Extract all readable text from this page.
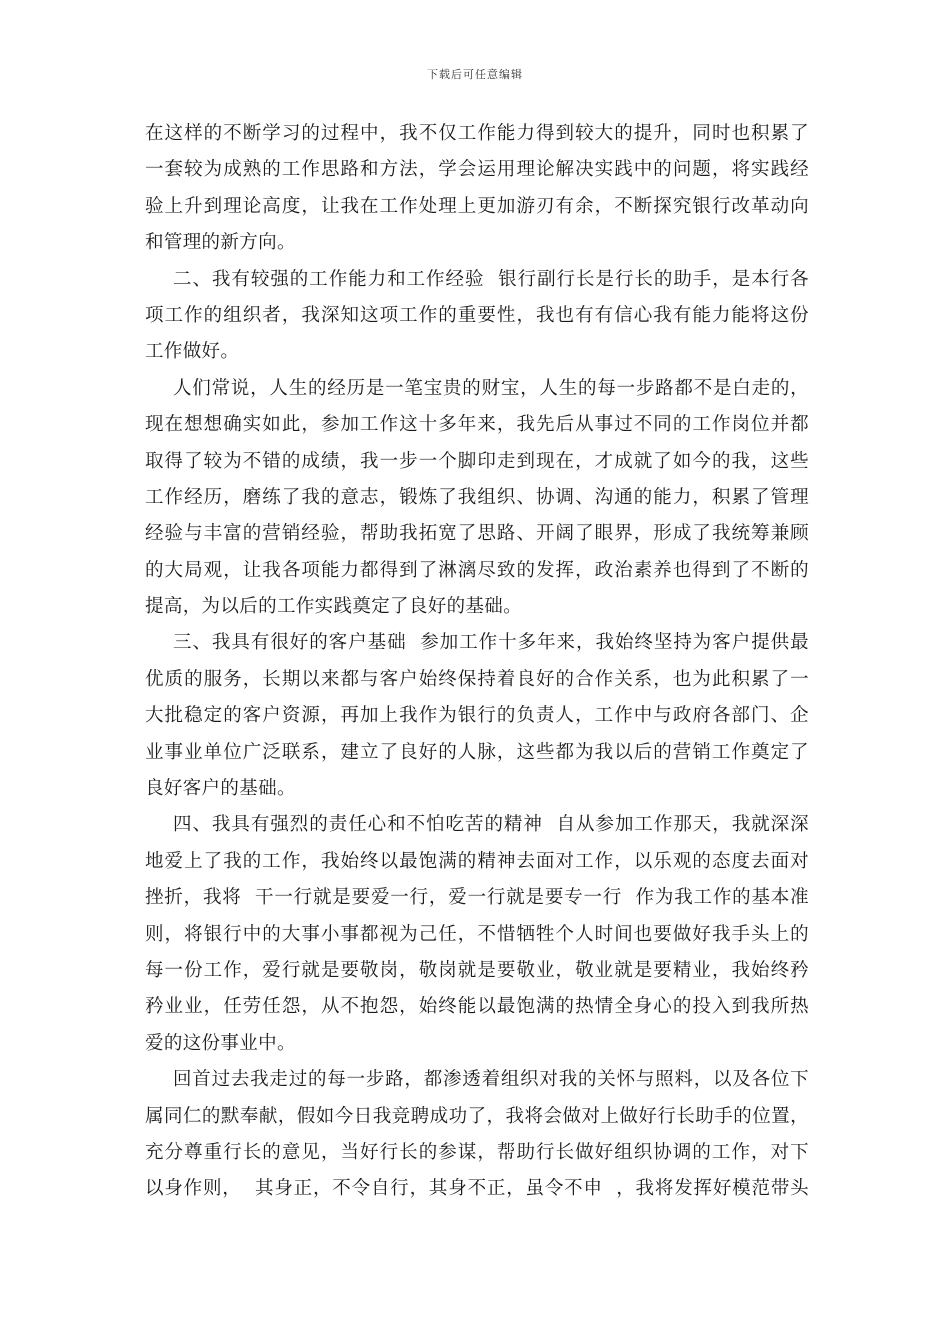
下载后可任意编辑
在这样的不断学习的过程中，我不仅工作能力得到较大的提升，同时也积累了
一套较为成熟的工作思路和方法，学会运用理论解决实践中的问题，将实践经
验上升到理论高度，让我在工作处理上更加游刃有余，不断探究银行改革动向
和管理的新方向。
二、我有较强的工作能力和工作经验  银行副行长是行长的助手，是本行各
项工作的组织者，我深知这项工作的重要性，我也有有信心我有能力能将这份
工作做好。
人们常说，人生的经历是一笔宝贵的财宝，人生的每一步路都不是白走的，
现在想想确实如此，参加工作这十多年来，我先后从事过不同的工作岗位并都
取得了较为不错的成绩，我一步一个脚印走到现在，才成就了如今的我，这些
工作经历，磨练了我的意志，锻炼了我组织、协调、沟通的能力，积累了管理
经验与丰富的营销经验，帮助我拓宽了思路、开阔了眼界，形成了我统筹兼顾
的大局观，让我各项能力都得到了淋漓尽致的发挥，政治素养也得到了不断的
提高，为以后的工作实践奠定了良好的基础。
三、我具有很好的客户基础  参加工作十多年来，我始终坚持为客户提供最
优质的服务，长期以来都与客户始终保持着良好的合作关系，也为此积累了一
大批稳定的客户资源，再加上我作为银行的负责人，工作中与政府各部门、企
业事业单位广泛联系，建立了良好的人脉，这些都为我以后的营销工作奠定了
良好客户的基础。
四、我具有强烈的责任心和不怕吃苦的精神  自从参加工作那天，我就深深
地爱上了我的工作，我始终以最饱满的精神去面对工作，以乐观的态度去面对
挫折，我将  干一行就是要爱一行，爱一行就是要专一行  作为我工作的基本准
则，将银行中的大事小事都视为己任，不惜牺牲个人时间也要做好我手头上的
每一份工作，爱行就是要敬岗，敬岗就是要敬业，敬业就是要精业，我始终矜
矜业业，任劳任怨，从不抱怨，始终能以最饱满的热情全身心的投入到我所热
爱的这份事业中。
回首过去我走过的每一步路，都渗透着组织对我的关怀与照料，以及各位下
属同仁的默奉献，假如今日我竞聘成功了，我将会做对上做好行长助手的位置，
充分尊重行长的意见，当好行长的参谋，帮助行长做好组织协调的工作，对下
以身作则，  其身正，不令自行，其身不正，虽令不申  ，我将发挥好模范带头
